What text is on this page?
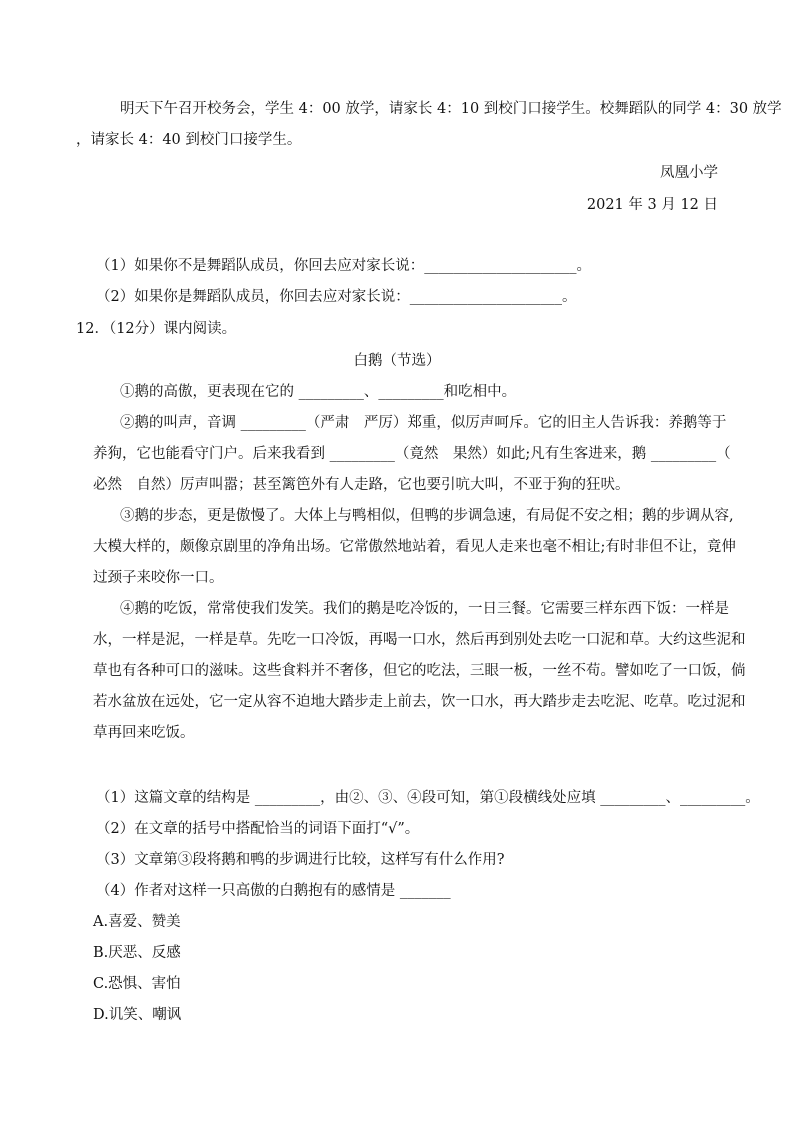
明天下午召开校务会，学生 4：00 放学，请家长 4：10 到校门口接学生。校舞蹈队的同学 4：30 放学
，请家长 4：40 到校门口接学生。
凤凰小学
2021 年 3 月 12 日
（1）如果你不是舞蹈队成员，你回去应对家长说：_____________________。
（2）如果你是舞蹈队成员，你回去应对家长说：_____________________。
12．（12分）课内阅读。
白鹅（节选）
①鹅的高傲，更表现在它的 _________、_________和吃相中。
②鹅的叫声，音调 _________（严肃　严厉）郑重，似厉声呵斥。它的旧主人告诉我：养鹅等于
养狗，它也能看守门户。后来我看到 _________（竟然　果然）如此;凡有生客进来，鹅 _________（
必然　自然）厉声叫嚣；甚至篱笆外有人走路，它也要引吭大叫，不亚于狗的狂吠。
③鹅的步态，更是傲慢了。大体上与鸭相似，但鸭的步调急速，有局促不安之相；鹅的步调从容,
大模大样的，颇像京剧里的净角出场。它常傲然地站着，看见人走来也毫不相让;有时非但不让，竟伸
过颈子来咬你一口。
④鹅的吃饭，常常使我们发笑。我们的鹅是吃冷饭的，一日三餐。它需要三样东西下饭：一样是
水，一样是泥，一样是草。先吃一口冷饭，再喝一口水，然后再到别处去吃一口泥和草。大约这些泥和
草也有各种可口的滋味。这些食料并不奢侈，但它的吃法，三眼一板，一丝不苟。譬如吃了一口饭，倘
若水盆放在远处，它一定从容不迫地大踏步走上前去，饮一口水，再大踏步走去吃泥、吃草。吃过泥和
草再回来吃饭。
（1）这篇文章的结构是 _________，由②、③、④段可知，第①段横线处应填 _________、_________。
（2）在文章的括号中搭配恰当的词语下面打“√”。
（3）文章第③段将鹅和鸭的步调进行比较，这样写有什么作用?
（4）作者对这样一只高傲的白鹅抱有的感情是 _______
A.喜爱、赞美
B.厌恶、反感
C.恐惧、害怕
D.讥笑、嘲讽
